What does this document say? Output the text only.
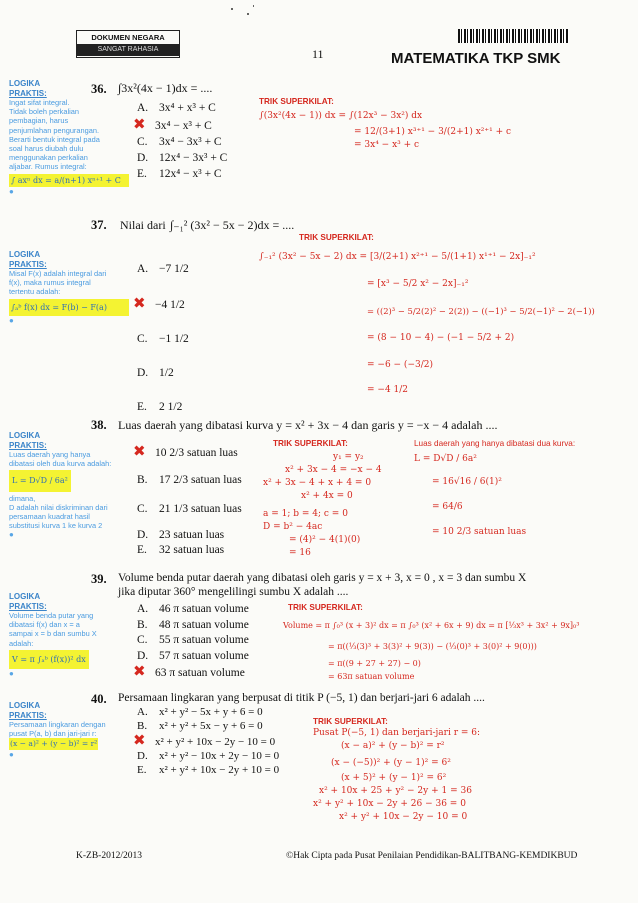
DOKUMEN NEGARA
SANGAT RAHASIA	11	MATEMATIKA TKP SMK
LOGIKA
PRAKTIS:
Ingat sifat integral.
Tidak boleh perkalian
pembagian, harus
penjumlahan pengurangan.
Berarti bentuk integral pada
soal harus diubah dulu
menggunakan perkalian
aljabar. Rumus integral:
∫ axⁿ dx = a/(n+1) xⁿ⁺¹ + C
●
36. ∫3x²(4x − 1)dx = ....
A. 3x⁴ + x³ + C
✖ 3x⁴ − x³ + C
C. 3x⁴ − 3x³ + C
D. 12x⁴ − 3x³ + C
E. 12x⁴ − x³ + C
TRIK SUPERKILAT:
∫(3x²(4x − 1)) dx = ∫(12x³ − 3x²) dx
= 12/(3+1) x³⁺¹ − 3/(2+1) x²⁺¹ + c
= 3x⁴ − x³ + c
37. Nilai dari ∫₋₁² (3x² − 5x − 2)dx = ....
LOGIKA
PRAKTIS:
Misal F(x) adalah integral dari
f(x), maka rumus integral
tertentu adalah:
∫ₐᵇ f(x) dx = F(b) − F(a)
●
A. −7 1/2
✖ −4 1/2
C. −1 1/2
D. 1/2
E. 2 1/2
TRIK SUPERKILAT:
∫₋₁² (3x² − 5x − 2) dx = [3/(2+1) x²⁺¹ − 5/(1+1) x¹⁺¹ − 2x]₋₁²
= [x³ − 5/2 x² − 2x]₋₁²
= ((2)³ − 5/2(2)² − 2(2)) − ((−1)³ − 5/2(−1)² − 2(−1))
= (8 − 10 − 4) − (−1 − 5/2 + 2)
= −6 − (−3/2)
= −4 1/2
38. Luas daerah yang dibatasi kurva y = x² + 3x − 4 dan garis y = −x − 4 adalah ....
LOGIKA
PRAKTIS:
Luas daerah yang hanya
dibatasi oleh dua kurva adalah:
L = D√D / 6a²
dimana,
D adalah nilai diskriminan dari
persamaan kuadrat hasil
substitusi kurva 1 ke kurva 2
●
✖ 10 2/3 satuan luas
B. 17 2/3 satuan luas
C. 21 1/3 satuan luas
D. 23 satuan luas
E. 32 satuan luas
TRIK SUPERKILAT:
y₁ = y₂
x² + 3x − 4 = −x − 4
x² + 3x − 4 + x + 4 = 0
x² + 4x = 0
a = 1; b = 4; c = 0
D = b² − 4ac
= (4)² − 4(1)(0)
= 16
Luas daerah yang hanya dibatasi dua kurva:
L = D√D / 6a²
= 16√16 / 6(1)²
= 64/6
= 10 2/3 satuan luas
39. Volume benda putar daerah yang dibatasi oleh garis y = x + 3, x = 0 , x = 3 dan sumbu X
jika diputar 360° mengelilingi sumbu X adalah ....
LOGIKA
PRAKTIS:
Volume benda putar yang
dibatasi f(x) dan x = a
sampai x = b dan sumbu X
adalah:
V = π ∫ₐᵇ (f(x))² dx
●
A. 46 π satuan volume
B. 48 π satuan volume
C. 55 π satuan volume
D. 57 π satuan volume
✖ 63 π satuan volume
TRIK SUPERKILAT:
Volume = π ∫₀³ (x + 3)² dx = π ∫₀³ (x² + 6x + 9) dx = π [⅓x³ + 3x² + 9x]₀³
= π((⅓(3)³ + 3(3)² + 9(3)) − (⅓(0)³ + 3(0)² + 9(0)))
= π((9 + 27 + 27) − 0)
= 63π satuan volume
40. Persamaan lingkaran yang berpusat di titik P (−5, 1) dan berjari-jari 6 adalah ....
LOGIKA
PRAKTIS:
Persamaan lingkaran dengan
pusat P(a, b) dan jari-jari r:
(x − a)² + (y − b)² = r²
●
A. x² + y² − 5x + y + 6 = 0
B. x² + y² + 5x − y + 6 = 0
✖ x² + y² + 10x − 2y − 10 = 0
D. x² + y² − 10x + 2y − 10 = 0
E. x² + y² + 10x − 2y + 10 = 0
TRIK SUPERKILAT:
Pusat P(−5, 1) dan berjari-jari r = 6:
(x − a)² + (y − b)² = r²
(x − (−5))² + (y − 1)² = 6²
(x + 5)² + (y − 1)² = 6²
x² + 10x + 25 + y² − 2y + 1 = 36
x² + y² + 10x − 2y + 26 − 36 = 0
x² + y² + 10x − 2y − 10 = 0
K-ZB-2012/2013	©Hak Cipta pada Pusat Penilaian Pendidikan-BALITBANG-KEMDIKBUD
